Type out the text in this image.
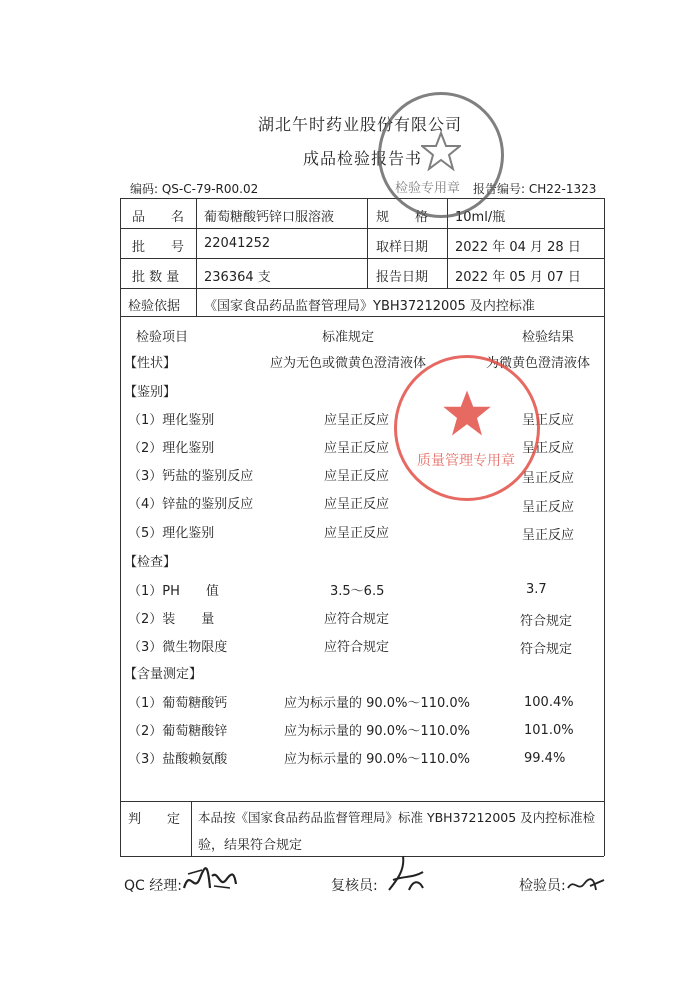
湖北午时药业股份有限公司
成品检验报告书
编码: QS-C-79-R00.02	报告编号: CH22-1323
品　　名 葡萄糖酸钙锌口服溶液	规　　格 10ml/瓶
批　　号 22041252	取样日期 2022 年 04 月 28 日
批 数 量 236364 支	报告日期 2022 年 05 月 07 日
检验依据 《国家食品药品监督管理局》YBH37212005 及内控标准
检验项目	标准规定	检验结果
【性状】	应为无色或微黄色澄清液体	为微黄色澄清液体
【鉴别】
（1）理化鉴别	应呈正反应	呈正反应
（2）理化鉴别	应呈正反应	呈正反应
（3）钙盐的鉴别反应	应呈正反应	呈正反应
（4）锌盐的鉴别反应	应呈正反应	呈正反应
（5）理化鉴别	应呈正反应	呈正反应
【检查】
（1）PH　　值	3.5～6.5	3.7
（2）装　　量	应符合规定	符合规定
（3）微生物限度	应符合规定	符合规定
【含量测定】
（1）葡萄糖酸钙	应为标示量的 90.0%～110.0%	100.4%
（2）葡萄糖酸锌	应为标示量的 90.0%～110.0%	101.0%
（3）盐酸赖氨酸	应为标示量的 90.0%～110.0%	99.4%
判　　定 本品按《国家食品药品监督管理局》标准 YBH37212005 及内控标准检
验，结果符合规定
QC 经理:	复核员:	检验员:
检验专用章
质量管理专用章
